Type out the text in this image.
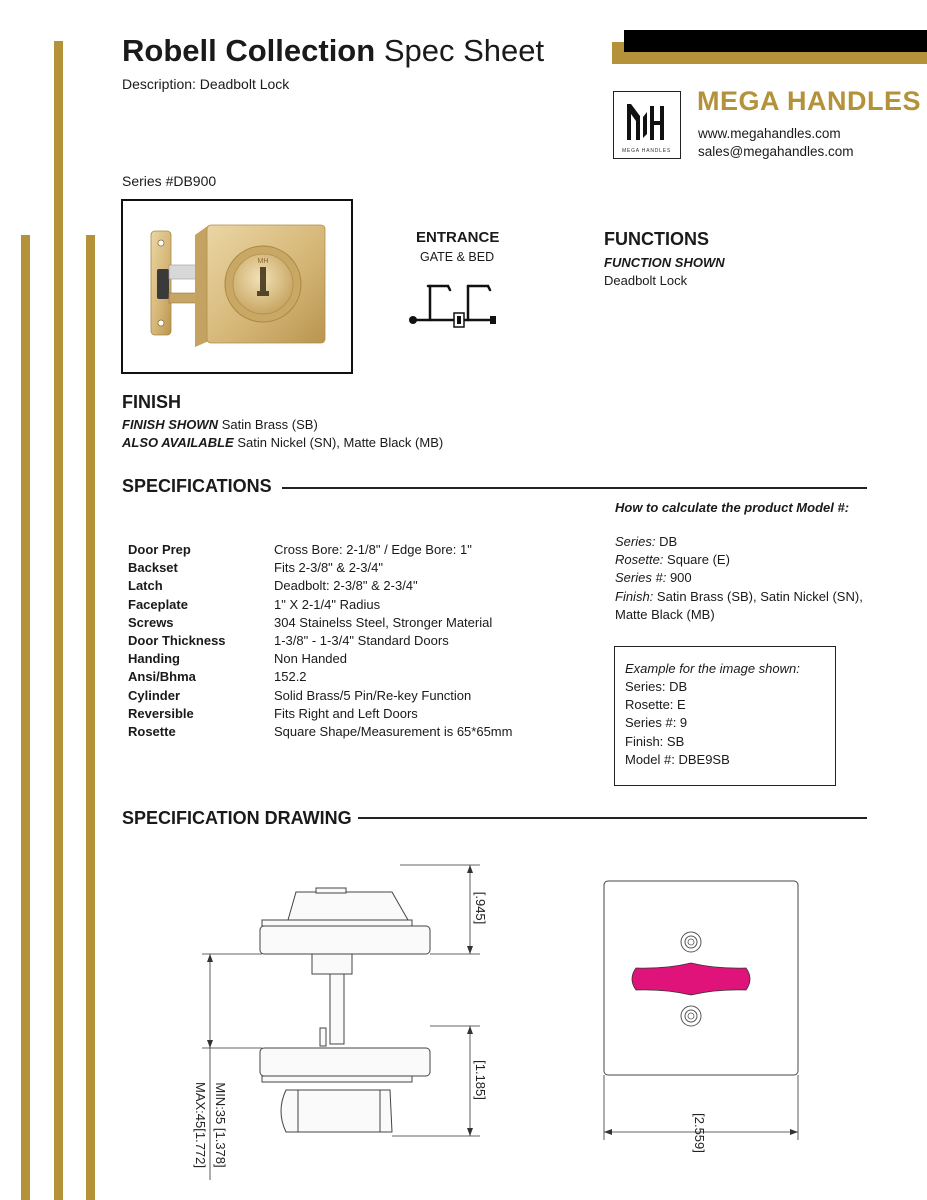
Robell Collection Spec Sheet
Description: Deadbolt Lock
MEGA HANDLES
MEGA HANDLES
www.megahandles.com
sales@megahandles.com
Series #DB900
MH
ENTRANCE
GATE & BED
FUNCTIONS
FUNCTION SHOWN
Deadbolt Lock
FINISH
FINISH SHOWN Satin Brass (SB)
ALSO AVAILABLE Satin Nickel (SN), Matte Black (MB)
SPECIFICATIONS
Door Prep	Cross Bore: 2-1/8" / Edge Bore: 1"
Backset	Fits 2-3/8" & 2-3/4"
Latch	Deadbolt: 2-3/8" & 2-3/4"
Faceplate	1" X 2-1/4" Radius
Screws	304 Stainelss Steel, Stronger Material
Door Thickness	1-3/8" - 1-3/4" Standard Doors
Handing	Non Handed
Ansi/Bhma	152.2
Cylinder	Solid Brass/5 Pin/Re-key Function
Reversible	Fits Right and Left Doors
Rosette	Square Shape/Measurement is 65*65mm
How to calculate the product Model #:
Series: DB
Rosette: Square (E)
Series #: 900
Finish: Satin Brass (SB), Satin Nickel (SN),
Matte Black (MB)
Example for the image shown:
Series: DB
Rosette: E
Series #: 9
Finish: SB
Model #: DBE9SB
SPECIFICATION DRAWING
[.945]
[1.185]
MIN:35 [1.378]
MAX:45[1.772]	[2.559]
